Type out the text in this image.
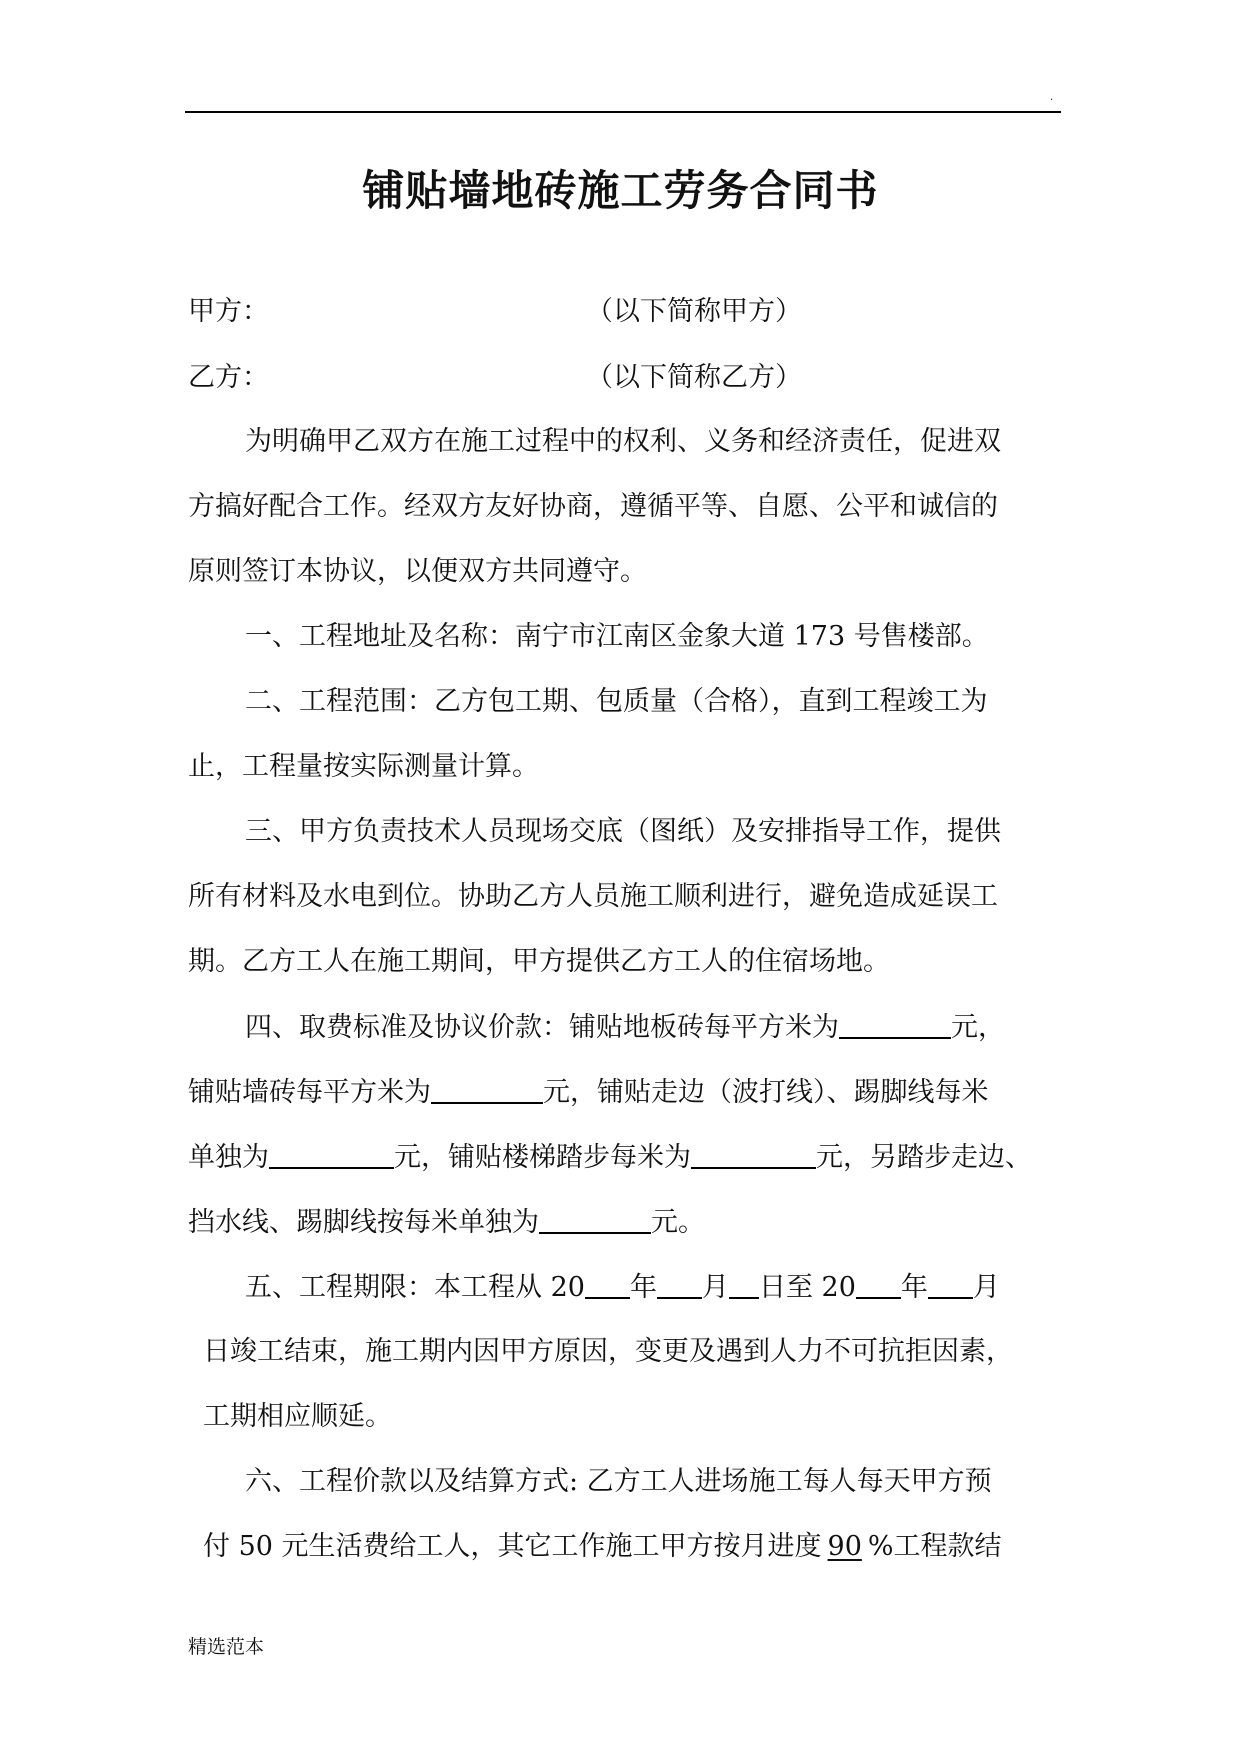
.
铺贴墙地砖施工劳务合同书
甲方：	（以下简称甲方）
乙方：	（以下简称乙方）
为明确甲乙双方在施工过程中的权利、义务和经济责任，促进双
方搞好配合工作。经双方友好协商，遵循平等、自愿、公平和诚信的
原则签订本协议，以便双方共同遵守。
一、工程地址及名称：南宁市江南区金象大道 173 号售楼部。
二、工程范围：乙方包工期、包质量（合格），直到工程竣工为
止，工程量按实际测量计算。
三、甲方负责技术人员现场交底（图纸）及安排指导工作，提供
所有材料及水电到位。协助乙方人员施工顺利进行，避免造成延误工
期。乙方工人在施工期间，甲方提供乙方工人的住宿场地。
四、取费标准及协议价款：铺贴地板砖每平方米为	元，
铺贴墙砖每平方米为	元，铺贴走边（波打线）、踢脚线每米
单独为	元，铺贴楼梯踏步每米为	元，另踏步走边、
挡水线、踢脚线按每米单独为	元。
五、工程期限：本工程从 20 年 月 日至 20 年 月
日竣工结束，施工期内因甲方原因，变更及遇到人力不可抗拒因素，
工期相应顺延。
六、工程价款以及结算方式: 乙方工人进场施工每人每天甲方预
付 50 元生活费给工人，其它工作施工甲方按月进度 90 %工程款结
精选范本
